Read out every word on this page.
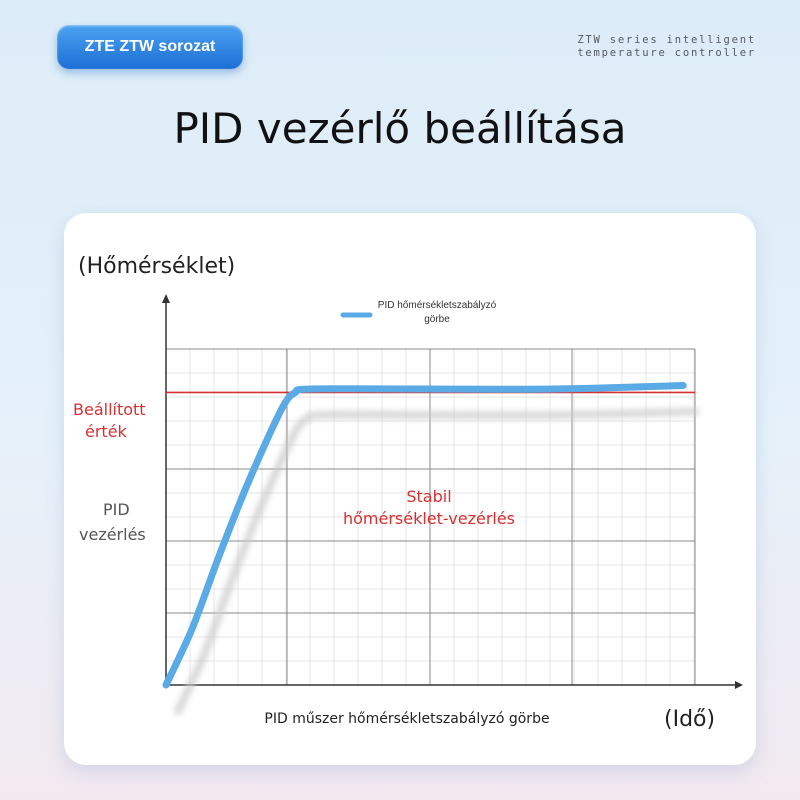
ZTE ZTW sorozat	ZTW series intelligent
temperature controller
PID vezérlő beállítása
PID hőmérsékletszabályzó
görbe
(Hőmérséklet)
(Idő)
PID műszer hőmérsékletszabályzó görbe
Beállított
érték
PID
vezérlés
Stabil
hőmérséklet-vezérlés
